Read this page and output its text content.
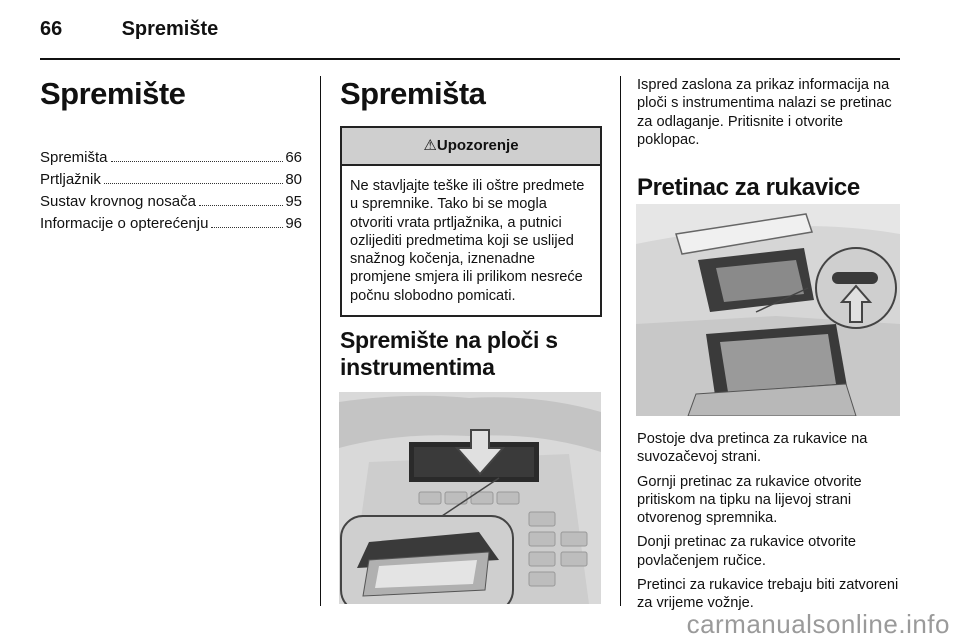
66	Spremište
Spremište
Spremišta	66
Prtljažnik	80
Sustav krovnog nosača	95
Informacije o opterećenju	96
Spremišta
⚠Upozorenje
Ne stavljajte teške ili oštre predmete u spremnike. Tako bi se mogla otvoriti vrata prtljažnika, a putnici ozlijediti predmetima koji se uslijed snažnog kočenja, iznenadne promjene smjera ili prilikom nesreće počnu slobodno pomicati.
Spremište na ploči s instrumentima

Ispred zaslona za prikaz informacija na ploči s instrumentima nalazi se pretinac za odlaganje. Pritisnite i otvorite poklopac.

Pretinac za rukavice

Postoje dva pretinca za rukavice na suvozačevoj strani.

Gornji pretinac za rukavice otvorite pritiskom na tipku na lijevoj strani otvorenog spremnika.

Donji pretinac za rukavice otvorite povlačenjem ručice.

Pretinci za rukavice trebaju biti zatvoreni za vrijeme vožnje.

carmanualsonline.info
